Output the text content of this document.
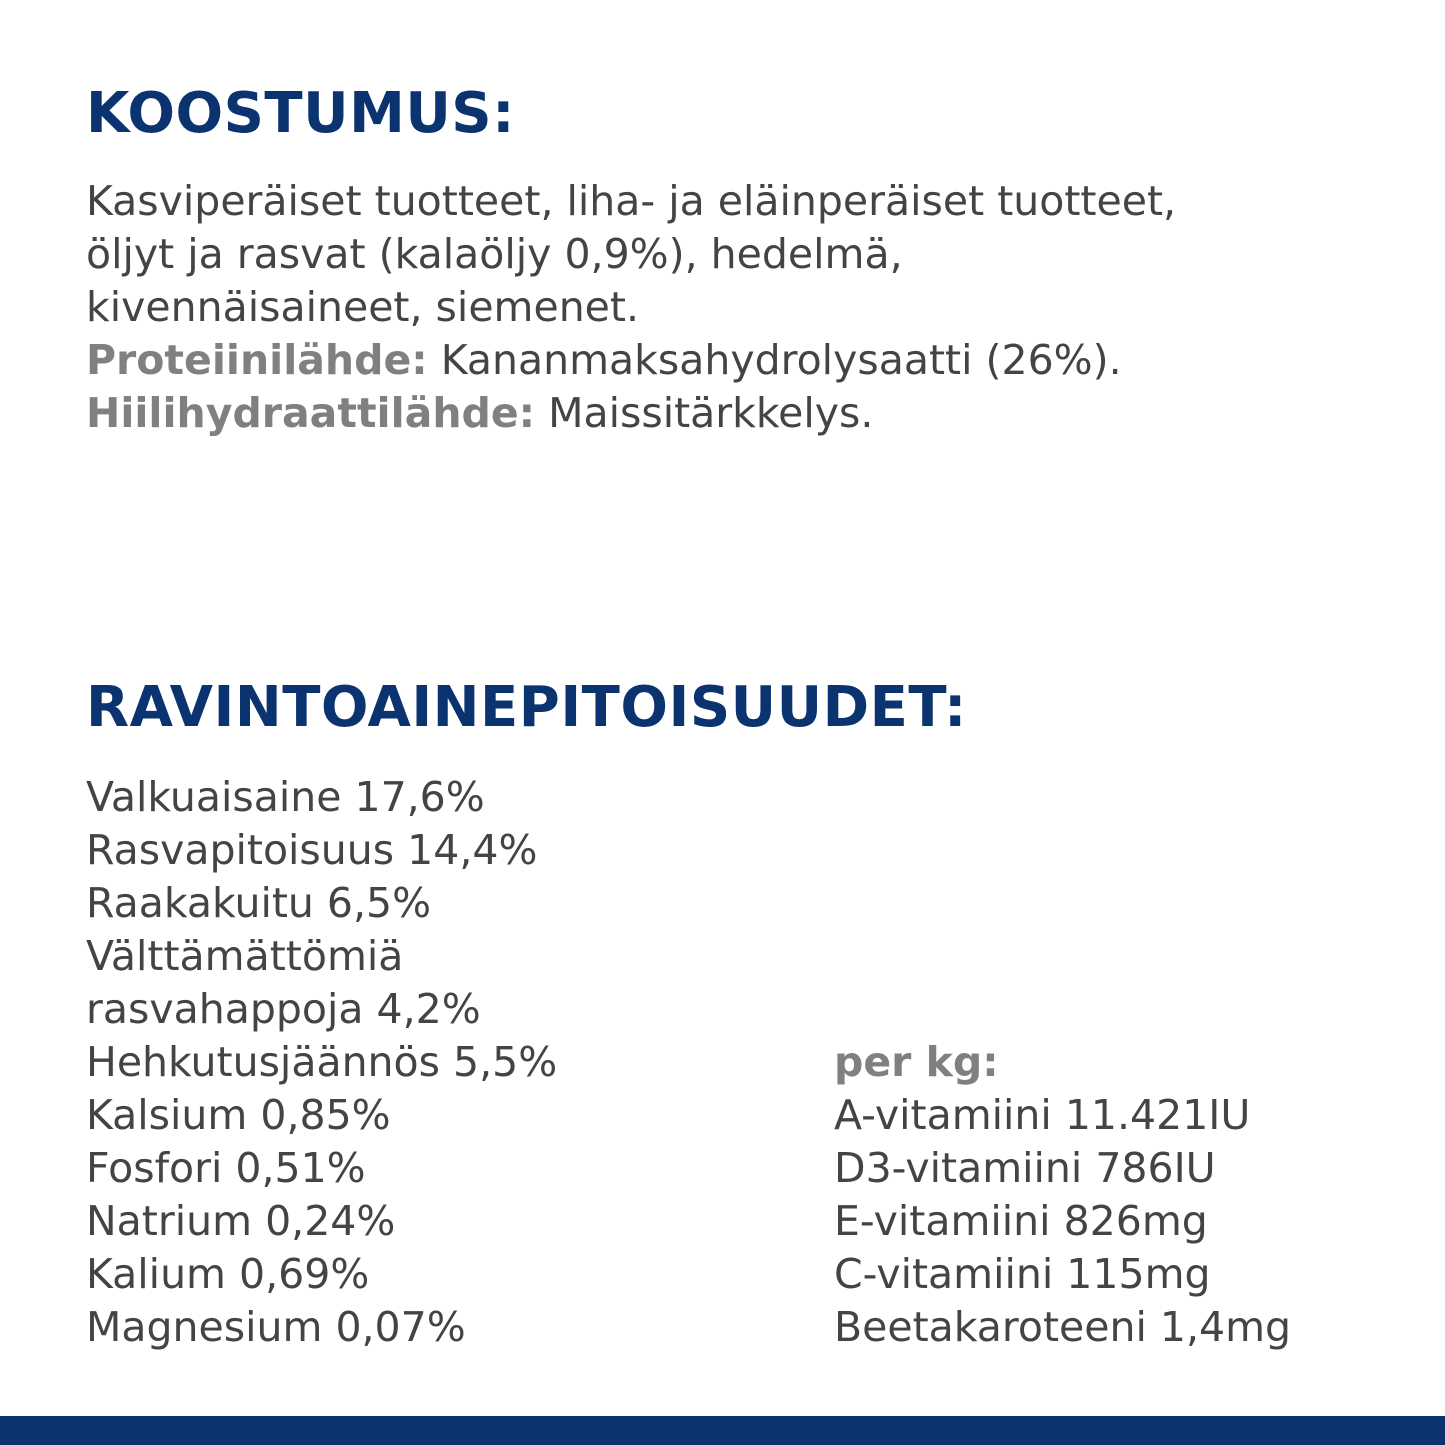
KOOSTUMUS:
Kasviperäiset tuotteet, liha- ja eläinperäiset tuotteet,
öljyt ja rasvat (kalaöljy 0,9%), hedelmä,
kivennäisaineet, siemenet.
Proteiinilähde: Kananmaksahydrolysaatti (26%).
Hiilihydraattilähde: Maissitärkkelys.
RAVINTOAINEPITOISUUDET:
Valkuaisaine 17,6%
Rasvapitoisuus 14,4%
Raakakuitu 6,5%
Välttämättömiä
rasvahappoja 4,2%
Hehkutusjäännös 5,5%
Kalsium 0,85%
Fosfori 0,51%
Natrium 0,24%
Kalium 0,69%
Magnesium 0,07%
per kg:
A-vitamiini 11.421IU
D3-vitamiini 786IU
E-vitamiini 826mg
C-vitamiini 115mg
Beetakaroteeni 1,4mg
